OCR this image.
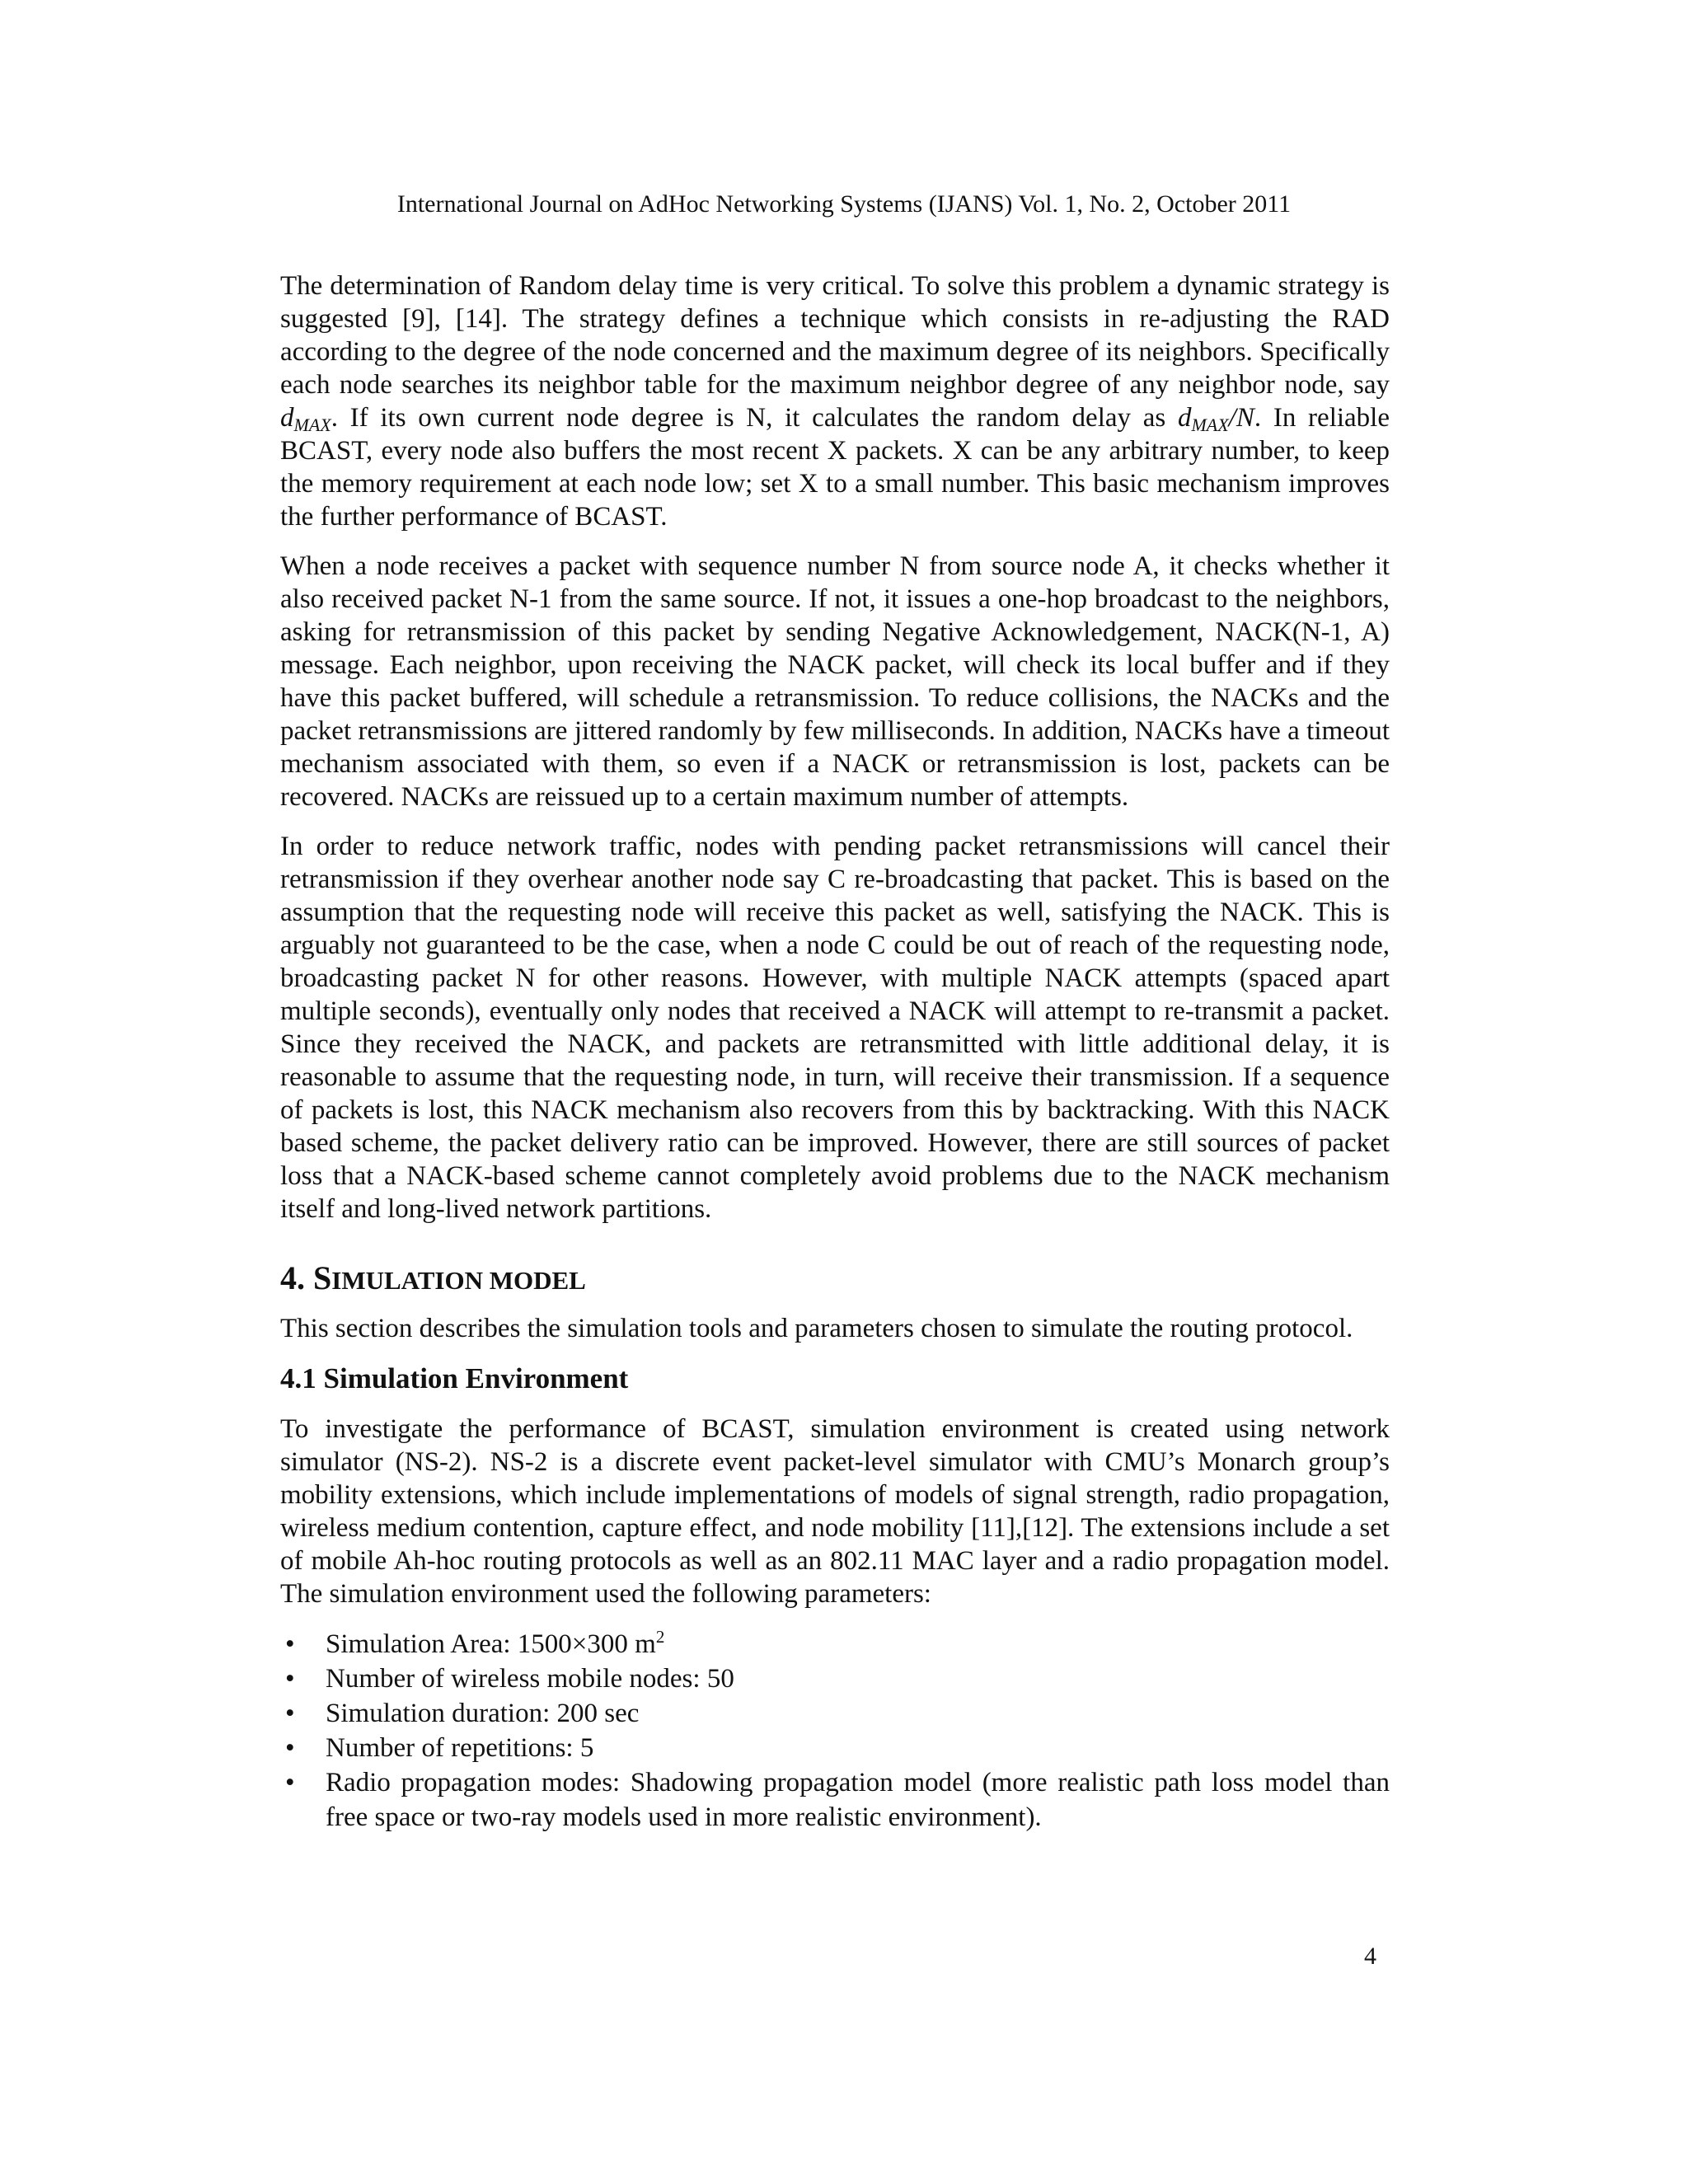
International Journal on AdHoc Networking Systems (IJANS) Vol. 1, No. 2, October 2011

The determination of Random delay time is very critical. To solve this problem a dynamic strategy is suggested [9], [14]. The strategy defines a technique which consists in re-adjusting the RAD according to the degree of the node concerned and the maximum degree of its neighbors. Specifically each node searches its neighbor table for the maximum neighbor degree of any neighbor node, say $d_{MAX}$. If its own current node degree is N, it calculates the random delay as $d_{MAX}/N$. In reliable BCAST, every node also buffers the most recent X packets. X can be any arbitrary number, to keep the memory requirement at each node low; set X to a small number. This basic mechanism improves the further performance of BCAST.

When a node receives a packet with sequence number N from source node A, it checks whether it also received packet N-1 from the same source. If not, it issues a one-hop broadcast to the neighbors, asking for retransmission of this packet by sending Negative Acknowledgement, NACK(N-1, A) message. Each neighbor, upon receiving the NACK packet, will check its local buffer and if they have this packet buffered, will schedule a retransmission. To reduce collisions, the NACKs and the packet retransmissions are jittered randomly by few milliseconds. In addition, NACKs have a timeout mechanism associated with them, so even if a NACK or retransmission is lost, packets can be recovered. NACKs are reissued up to a certain maximum number of attempts.

In order to reduce network traffic, nodes with pending packet retransmissions will cancel their retransmission if they overhear another node say C re-broadcasting that packet. This is based on the assumption that the requesting node will receive this packet as well, satisfying the NACK. This is arguably not guaranteed to be the case, when a node C could be out of reach of the requesting node, broadcasting packet N for other reasons. However, with multiple NACK attempts (spaced apart multiple seconds), eventually only nodes that received a NACK will attempt to re-transmit a packet. Since they received the NACK, and packets are retransmitted with little additional delay, it is reasonable to assume that the requesting node, in turn, will receive their transmission. If a sequence of packets is lost, this NACK mechanism also recovers from this by backtracking. With this NACK based scheme, the packet delivery ratio can be improved. However, there are still sources of packet loss that a NACK-based scheme cannot completely avoid problems due to the NACK mechanism itself and long-lived network partitions.

4. SIMULATION MODEL

This section describes the simulation tools and parameters chosen to simulate the routing protocol.

4.1 Simulation Environment

To investigate the performance of BCAST, simulation environment is created using network simulator (NS-2). NS-2 is a discrete event packet-level simulator with CMU’s Monarch group’s mobility extensions, which include implementations of models of signal strength, radio propagation, wireless medium contention, capture effect, and node mobility [11],[12]. The extensions include a set of mobile Ah-hoc routing protocols as well as an 802.11 MAC layer and a radio propagation model. The simulation environment used the following parameters:

• Simulation Area: 1500×300 $m^2$
• Number of wireless mobile nodes: 50
• Simulation duration: 200 sec
• Number of repetitions: 5
• Radio propagation modes: Shadowing propagation model (more realistic path loss model than free space or two-ray models used in more realistic environment).
4
